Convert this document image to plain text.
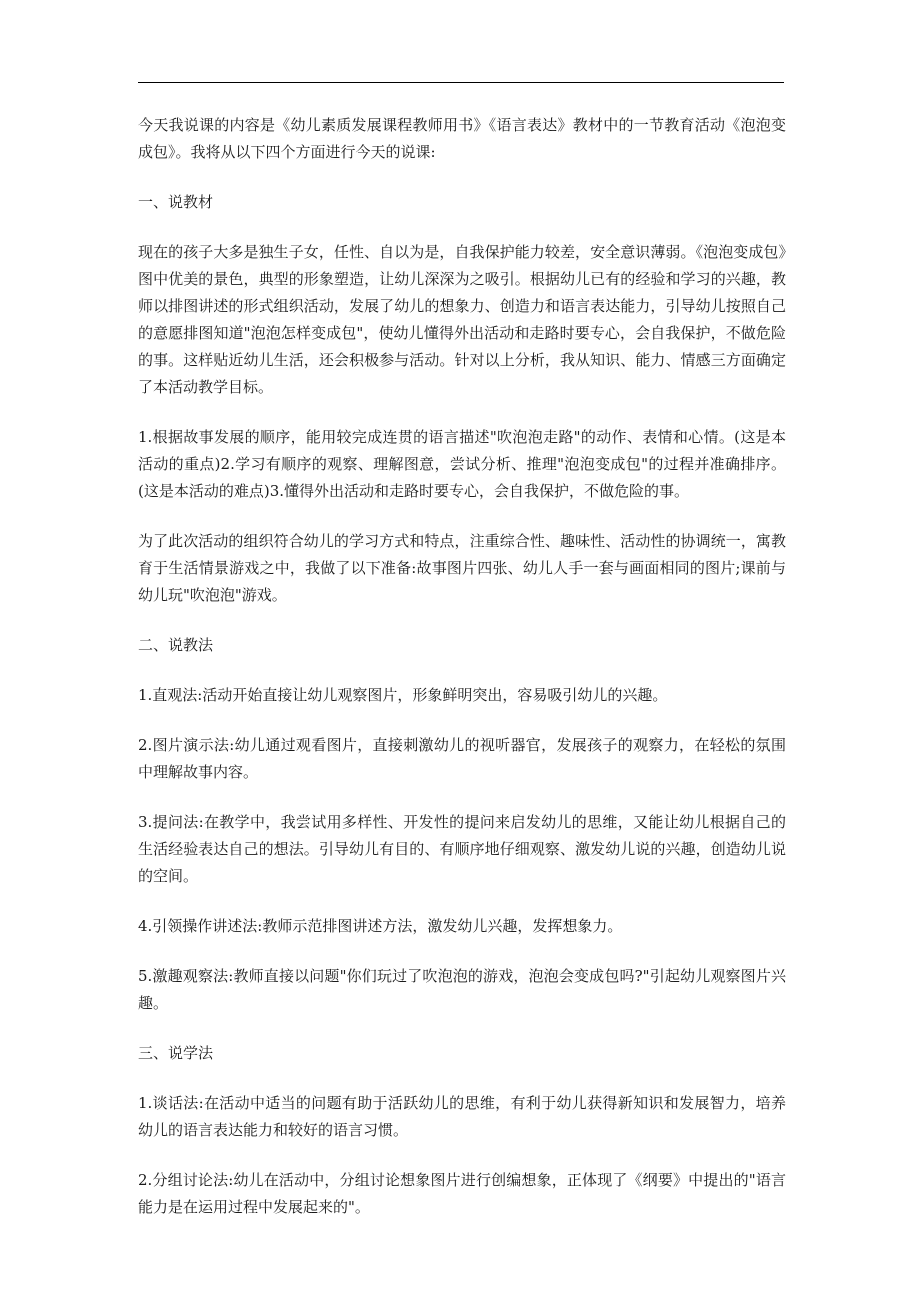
今天我说课的内容是《幼儿素质发展课程教师用书》《语言表达》教材中的一节教育活动《泡泡变成包》。我将从以下四个方面进行今天的说课:

一、说教材

现在的孩子大多是独生子女，任性、自以为是，自我保护能力较差，安全意识薄弱。《泡泡变成包》图中优美的景色，典型的形象塑造，让幼儿深深为之吸引。根据幼儿已有的经验和学习的兴趣，教师以排图讲述的形式组织活动，发展了幼儿的想象力、创造力和语言表达能力，引导幼儿按照自己的意愿排图知道"泡泡怎样变成包"，使幼儿懂得外出活动和走路时要专心，会自我保护，不做危险的事。这样贴近幼儿生活，还会积极参与活动。针对以上分析，我从知识、能力、情感三方面确定了本活动教学目标。

1.根据故事发展的顺序，能用较完成连贯的语言描述"吹泡泡走路"的动作、表情和心情。(这是本活动的重点)2.学习有顺序的观察、理解图意，尝试分析、推理"泡泡变成包"的过程并准确排序。(这是本活动的难点)3.懂得外出活动和走路时要专心，会自我保护，不做危险的事。

为了此次活动的组织符合幼儿的学习方式和特点，注重综合性、趣味性、活动性的协调统一，寓教育于生活情景游戏之中，我做了以下准备:故事图片四张、幼儿人手一套与画面相同的图片;课前与幼儿玩"吹泡泡"游戏。

二、说教法

1.直观法:活动开始直接让幼儿观察图片，形象鲜明突出，容易吸引幼儿的兴趣。

2.图片演示法:幼儿通过观看图片，直接刺激幼儿的视听器官，发展孩子的观察力，在轻松的氛围中理解故事内容。

3.提问法:在教学中，我尝试用多样性、开发性的提问来启发幼儿的思维，又能让幼儿根据自己的生活经验表达自己的想法。引导幼儿有目的、有顺序地仔细观察、激发幼儿说的兴趣，创造幼儿说的空间。

4.引领操作讲述法:教师示范排图讲述方法，激发幼儿兴趣，发挥想象力。

5.激趣观察法:教师直接以问题"你们玩过了吹泡泡的游戏，泡泡会变成包吗?"引起幼儿观察图片兴趣。

三、说学法

1.谈话法:在活动中适当的问题有助于活跃幼儿的思维，有利于幼儿获得新知识和发展智力，培养幼儿的语言表达能力和较好的语言习惯。

2.分组讨论法:幼儿在活动中，分组讨论想象图片进行创编想象，正体现了《纲要》中提出的"语言能力是在运用过程中发展起来的"。
